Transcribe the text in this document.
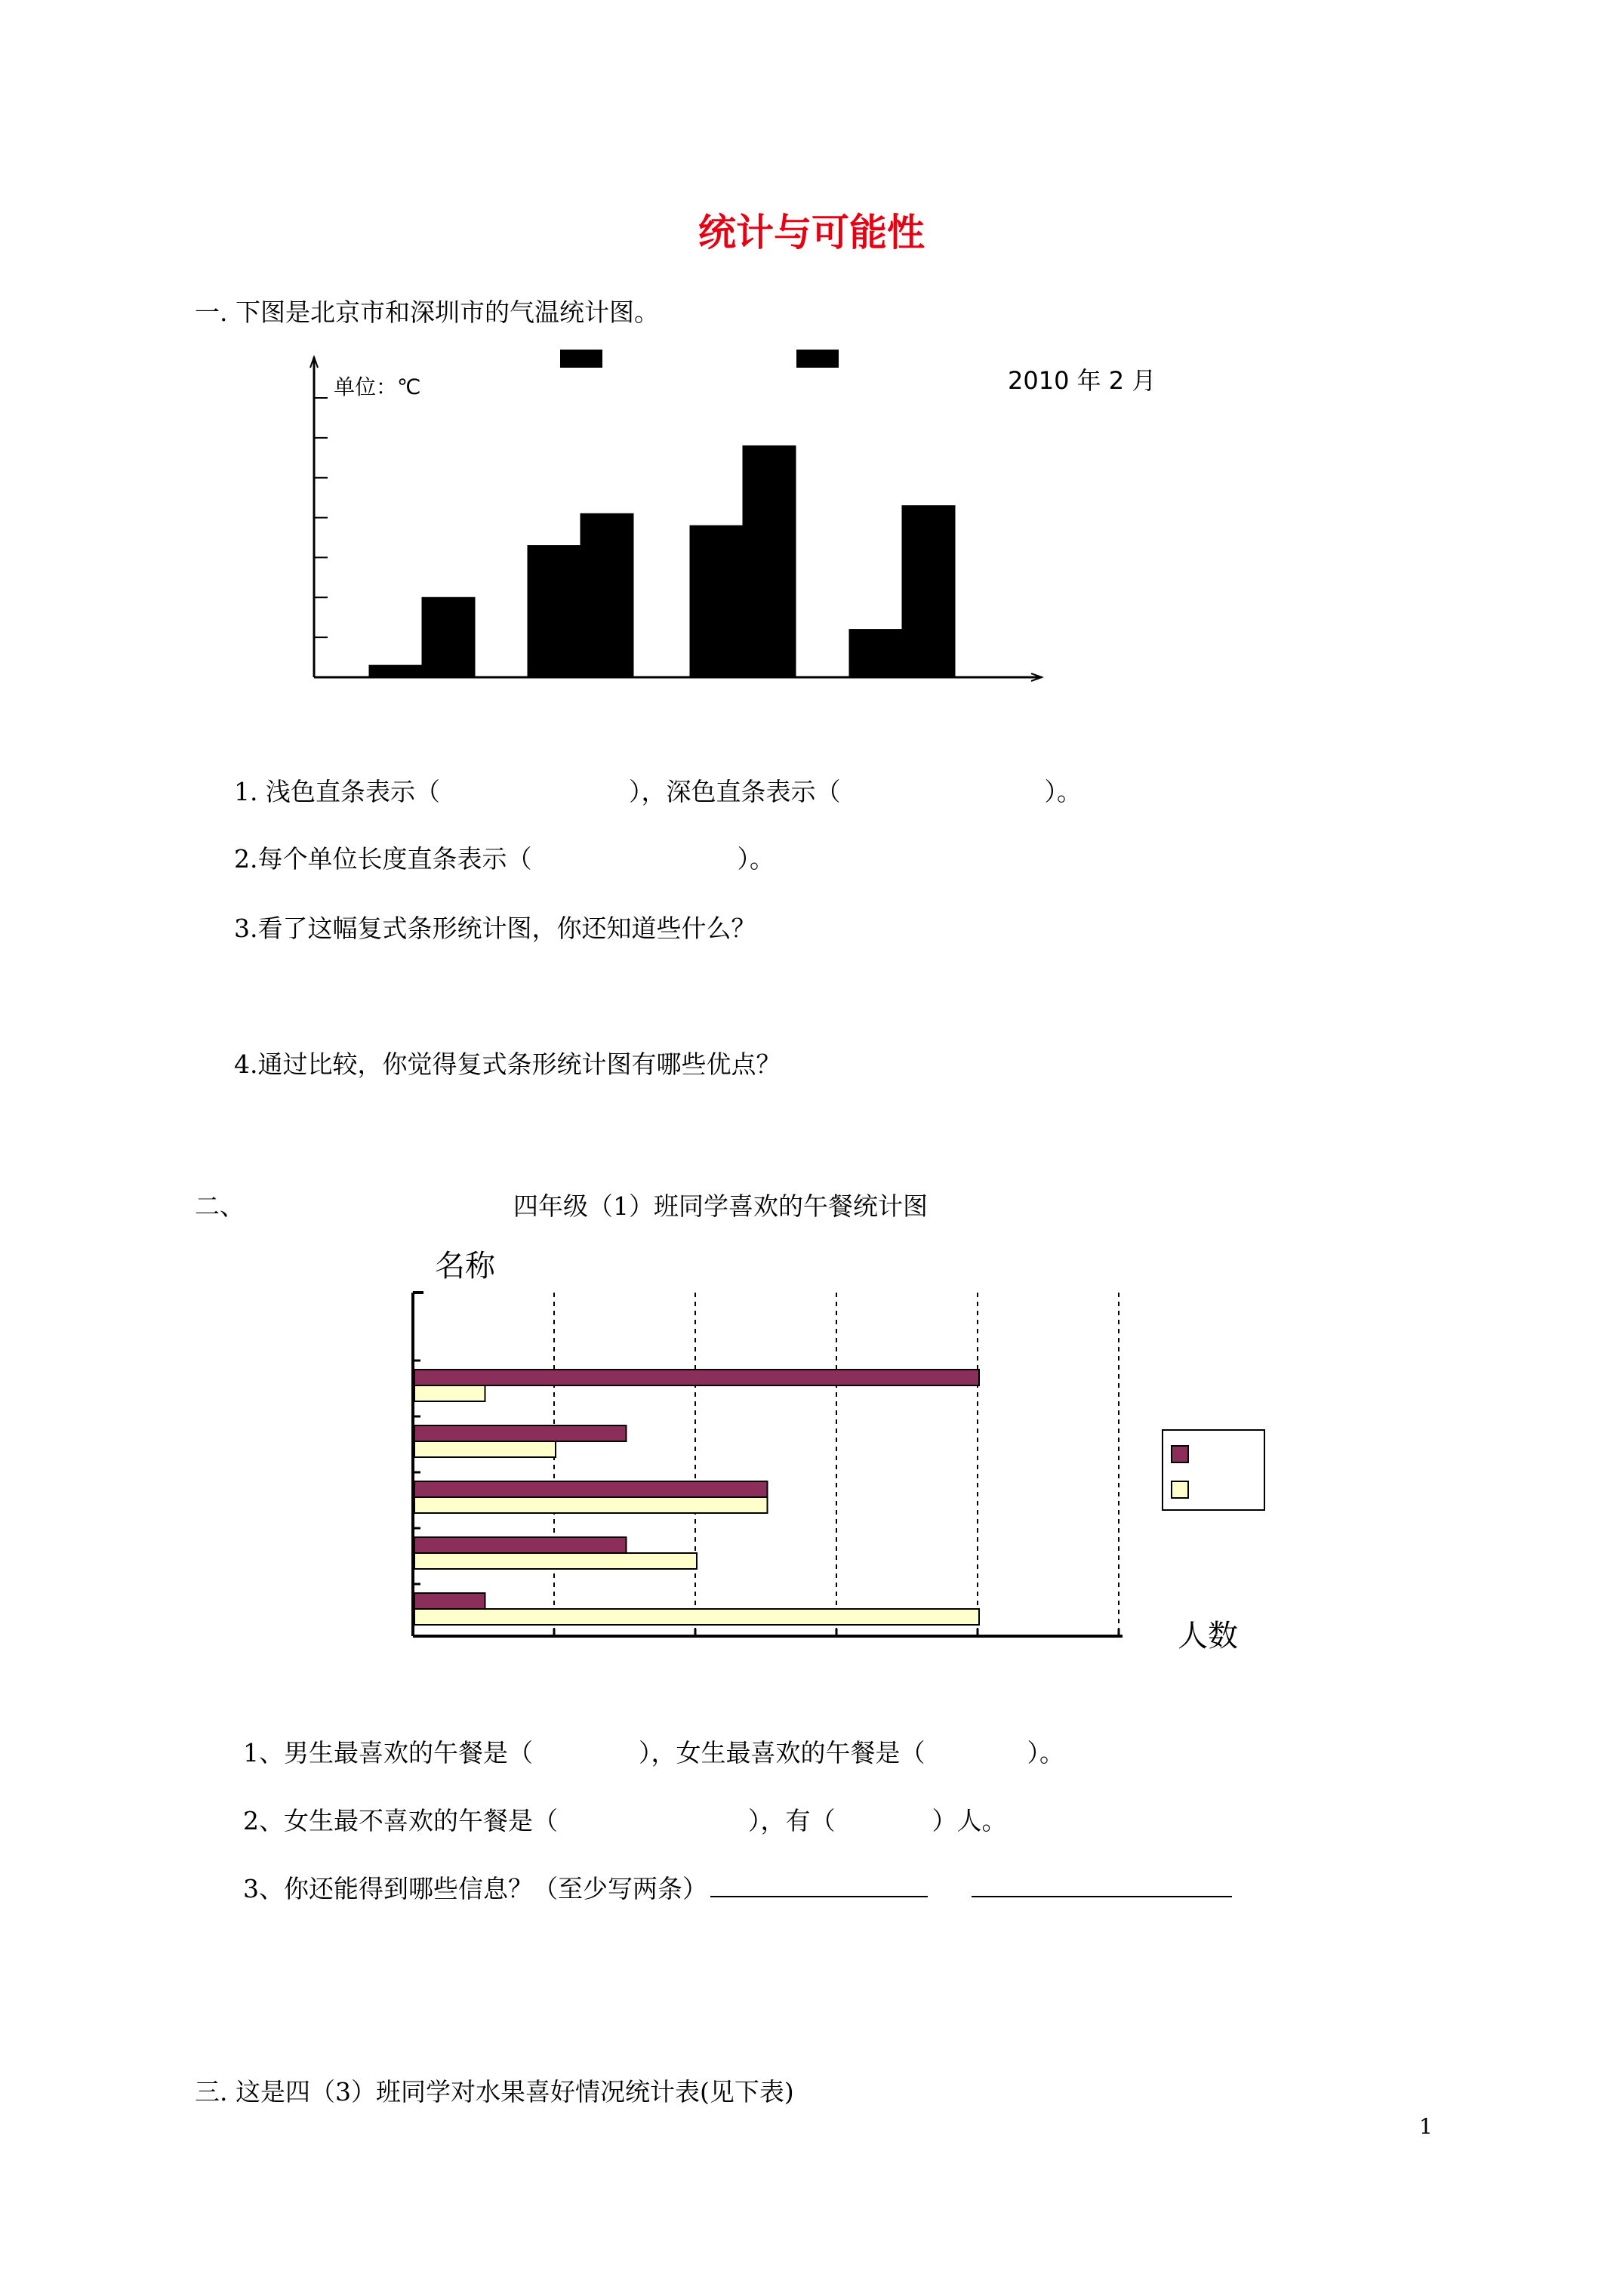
统计与可能性
一. 下图是北京市和深圳市的气温统计图。
单位：℃	2010 年 2 月
1. 浅色直条表示（	），深色直条表示（	）。
2.每个单位长度直条表示（	）。
3.看了这幅复式条形统计图，你还知道些什么？
4.通过比较，你觉得复式条形统计图有哪些优点？
二、	四年级（1）班同学喜欢的午餐统计图
名称
人数
1、男生最喜欢的午餐是（	），女生最喜欢的午餐是（	）。
2、女生最不喜欢的午餐是（	），有（	）人。
3、你还能得到哪些信息？（至少写两条）
三. 这是四（3）班同学对水果喜好情况统计表(见下表)
1
